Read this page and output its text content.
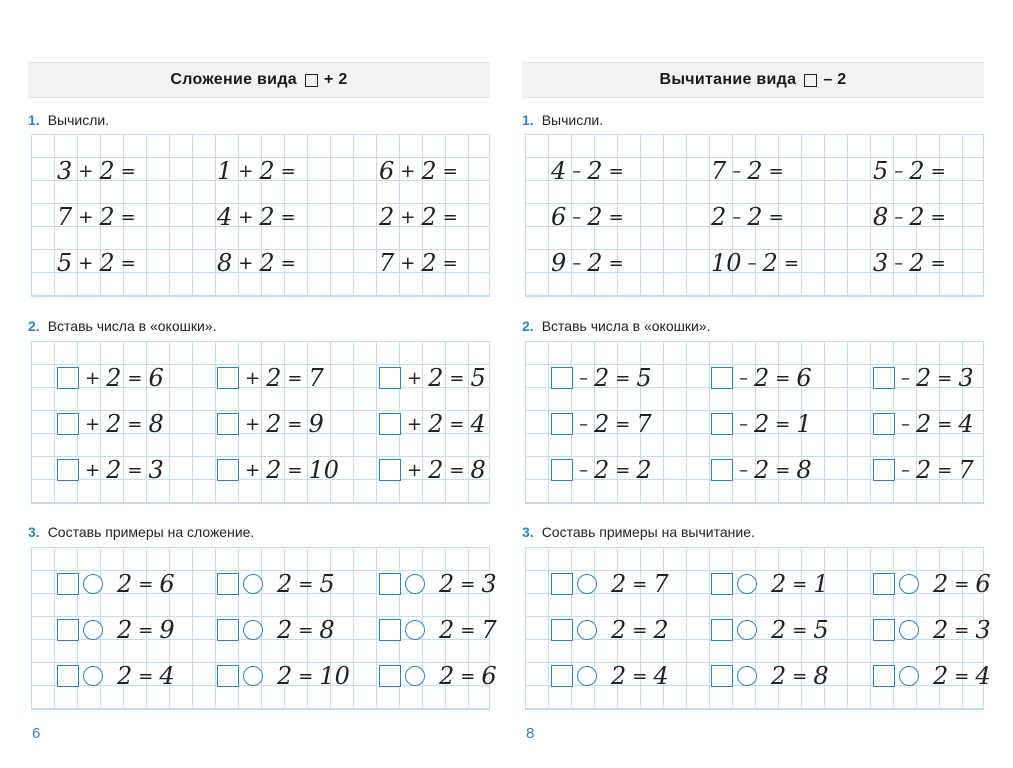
Сложение вида + 2
1. Вычисли.
3 + 2 =	1 + 2 =	6 + 2 =
7 + 2 =	4 + 2 =	2 + 2 =
5 + 2 =	8 + 2 =	7 + 2 =
2. Вставь числа в «окошки».
+ 2 = 6	+ 2 = 7	+ 2 = 5
+ 2 = 8	+ 2 = 9	+ 2 = 4
+ 2 = 3	+ 2 = 10	+ 2 = 8
3. Составь примеры на сложение.
2 = 6	2 = 5	2 = 3
2 = 9	2 = 8	2 = 7
2 = 4	2 = 10	2 = 6
6
Вычитание вида – 2
1. Вычисли.
4 – 2 =	7 – 2 =	5 – 2 =
6 – 2 =	2 – 2 =	8 – 2 =
9 – 2 =	10 – 2 =	3 – 2 =
2. Вставь числа в «окошки».
– 2 = 5	– 2 = 6	– 2 = 3
– 2 = 7	– 2 = 1	– 2 = 4
– 2 = 2	– 2 = 8	– 2 = 7
3. Составь примеры на вычитание.
2 = 7	2 = 1	2 = 6
2 = 2	2 = 5	2 = 3
2 = 4	2 = 8	2 = 4
8
